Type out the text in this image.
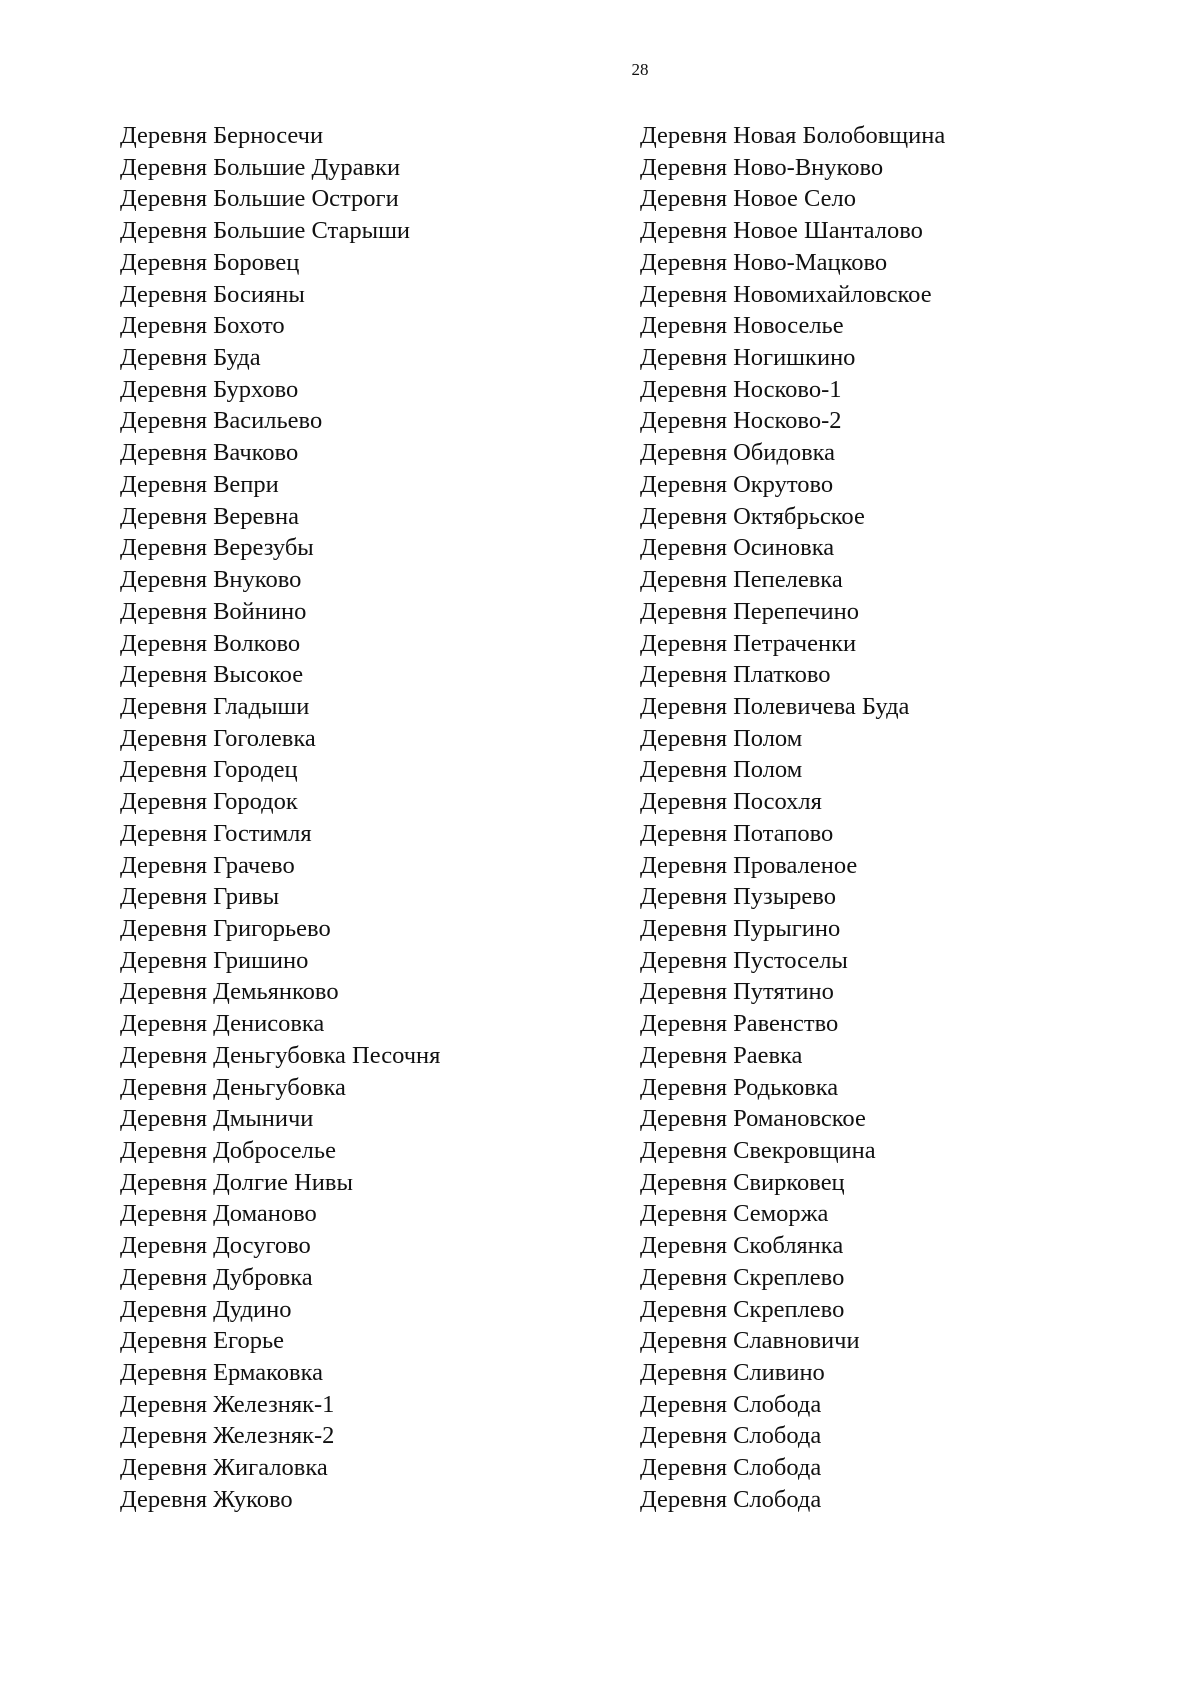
28
Деревня Берносечи
Деревня Большие Дуравки
Деревня Большие Остроги
Деревня Большие Старыши
Деревня Боровец
Деревня Босияны
Деревня Бохото
Деревня Буда
Деревня Бурхово
Деревня Васильево
Деревня Вачково
Деревня Вепри
Деревня Веревна
Деревня Верезубы
Деревня Внуково
Деревня Войнино
Деревня Волково
Деревня Высокое
Деревня Гладыши
Деревня Гоголевка
Деревня Городец
Деревня Городок
Деревня Гостимля
Деревня Грачево
Деревня Гривы
Деревня Григорьево
Деревня Гришино
Деревня Демьянково
Деревня Денисовка
Деревня Деньгубовка Песочня
Деревня Деньгубовка
Деревня Дмыничи
Деревня Доброселье
Деревня Долгие Нивы
Деревня Доманово
Деревня Досугово
Деревня Дубровка
Деревня Дудино
Деревня Егорье
Деревня Ермаковка
Деревня Железняк-1
Деревня Железняк-2
Деревня Жигаловка
Деревня Жуково
Деревня Новая Болобовщина
Деревня Ново-Внуково
Деревня Новое Село
Деревня Новое Шанталово
Деревня Ново-Мацково
Деревня Новомихайловское
Деревня Новоселье
Деревня Ногишкино
Деревня Носково-1
Деревня Носково-2
Деревня Обидовка
Деревня Окрутово
Деревня Октябрьское
Деревня Осиновка
Деревня Пепелевка
Деревня Перепечино
Деревня Петраченки
Деревня Платково
Деревня Полевичева Буда
Деревня Полом
Деревня Полом
Деревня Посохля
Деревня Потапово
Деревня Проваленое
Деревня Пузырево
Деревня Пурыгино
Деревня Пустоселы
Деревня Путятино
Деревня Равенство
Деревня Раевка
Деревня Родьковка
Деревня Романовское
Деревня Свекровщина
Деревня Свирковец
Деревня Семоржа
Деревня Скоблянка
Деревня Скреплево
Деревня Скреплево
Деревня Славновичи
Деревня Сливино
Деревня Слобода
Деревня Слобода
Деревня Слобода
Деревня Слобода
